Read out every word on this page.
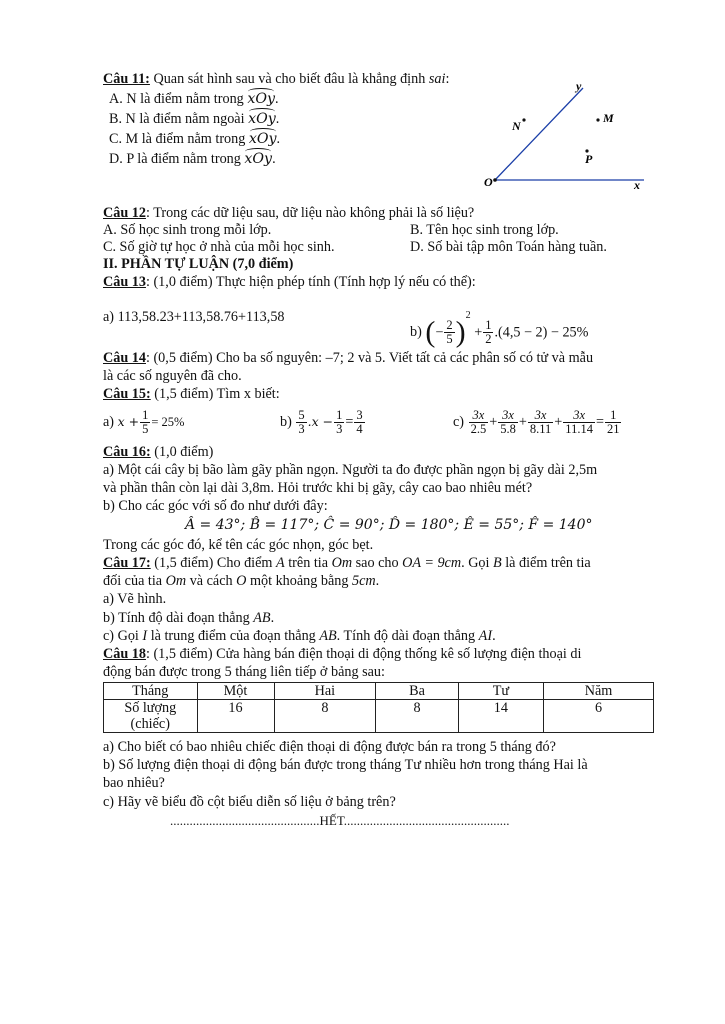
Câu 11: Quan sát hình sau và cho biết đâu là khẳng định sai:
A. N là điểm nằm trong
xOy.
B. N là điểm nằm ngoài
xOy.
C. M là điểm nằm trong
xOy.
D. P là điểm nằm trong
xOy.
y
N
M
P
O	x
Câu 12: Trong các dữ liệu sau, dữ liệu nào không phải là số liệu?
A. Số học sinh trong mỗi lớp.	B. Tên học sinh trong lớp.
C. Số giờ tự học ở nhà của mỗi học sinh.	D. Số bài tập môn Toán hàng tuần.
II. PHẦN TỰ LUẬN (7,0 điểm)
Câu 13: (1,0 điểm) Thực hiện phép tính (Tính hợp lý nếu có thể):
a) 113,58.23+113,58.76+113,58
b) (− $\frac{2}{5} )^2 + \frac{1}{2} .(4,5 - 2) - 25\%$
Câu 14: (0,5 điểm) Cho ba số nguyên: –7; 2 và 5. Viết tất cả các phân số có tử và mẫu
là các số nguyên đã cho.
Câu 15: (1,5 điểm) Tìm x biết:
a) $x + \frac{1}{5} = 25\%$	$b) \frac{5}{3} .x - \frac{1}{3} = \frac{3}{4}$	$c) \frac{3x}{2.5} + \frac{3x}{5.8} + \frac{3x}{8.11} + \frac{3x}{11.14} = \frac{1}{21}$
Câu 16: (1,0 điểm)
a) Một cái cây bị bão làm gãy phần ngọn. Người ta đo được phần ngọn bị gãy dài 2,5m
và phần thân còn lại dài 3,8m. Hỏi trước khi bị gãy, cây cao bao nhiêu mét?
b) Cho các góc với số đo như dưới đây:
Â = 43°; B̂ = 117°; Ĉ = 90°; D̂ = 180°; Ê = 55°; F̂ = 140°
Trong các góc đó, kể tên các góc nhọn, góc bẹt.
Câu 17: (1,5 điểm) Cho điểm A trên tia Om sao cho OA = 9cm. Gọi B là điểm trên tia
đối của tia Om và cách O một khoảng bằng 5cm.
a) Vẽ hình.
b) Tính độ dài đoạn thẳng AB.
c) Gọi I là trung điểm của đoạn thẳng AB. Tính độ dài đoạn thẳng AI.
Câu 18: (1,5 điểm) Cửa hàng bán điện thoại di động thống kê số lượng điện thoại di
động bán được trong 5 tháng liên tiếp ở bảng sau:
Tháng	Một	Hai	Ba	Tư	Năm
Số lượng (chiếc)	16	8	8	14	6
a) Cho biết có bao nhiêu chiếc điện thoại di động được bán ra trong 5 tháng đó?
b) Số lượng điện thoại di động bán được trong tháng Tư nhiều hơn trong tháng Hai là
bao nhiêu?
c) Hãy vẽ biểu đồ cột biểu diễn số liệu ở bảng trên?
..............................................HẾT...................................................
